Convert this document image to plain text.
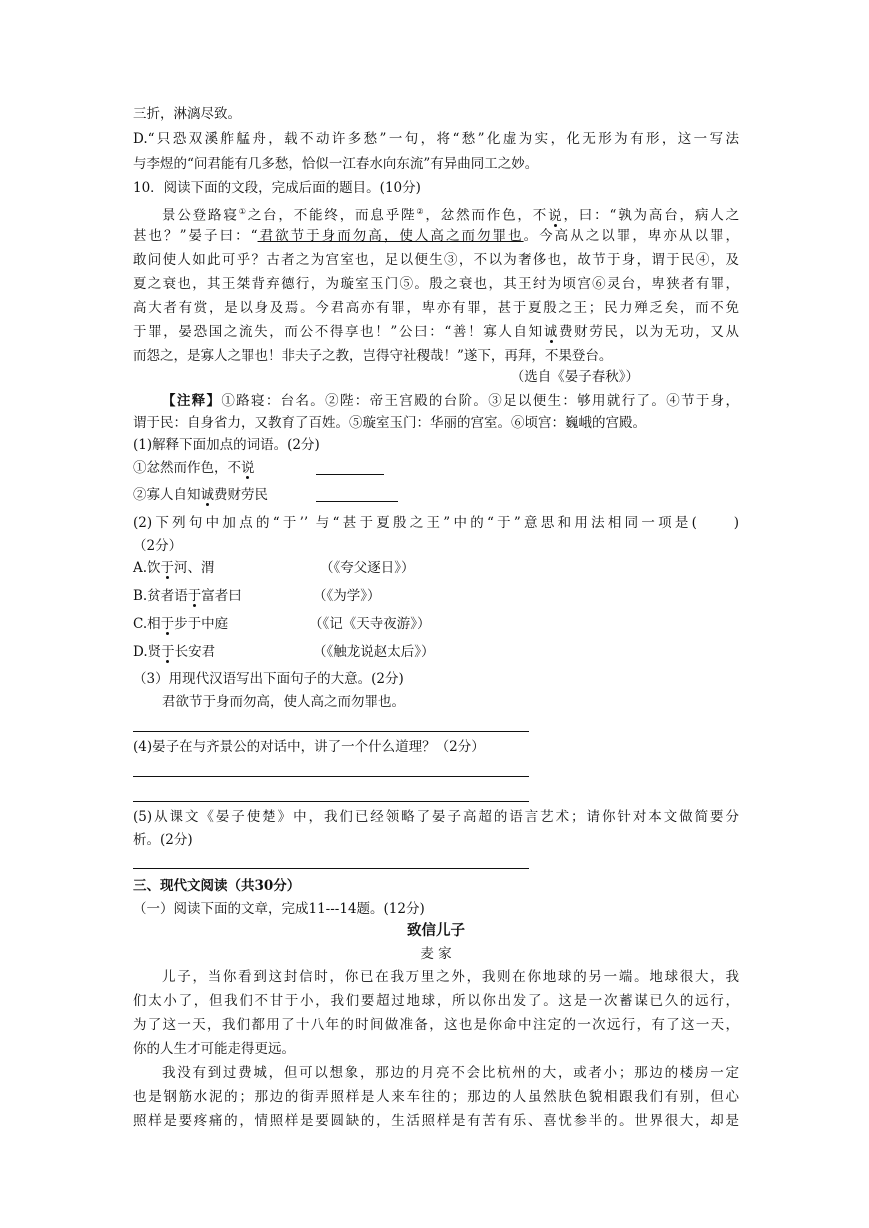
三折，淋漓尽致。
D.“只恐双溪舴艋舟，载不动许多愁”一句，将“愁”化虚为实，化无形为有形，这一写法
与李煜的“问君能有几多愁，恰似一江春水向东流”有异曲同工之妙。
10．阅读下面的文段，完成后面的题目。(10分)
景公登路寝①之台，不能终，而息乎陛②，忿然而作色，不说，曰：“孰为高台，病人之
甚也？”晏子曰：“君欲节于身而勿高，使人高之而勿罪也。今高从之以罪，卑亦从以罪，
敢问使人如此可乎？古者之为宫室也，足以便生③，不以为奢侈也，故节于身，谓于民④，及
夏之衰也，其王桀背弃德行，为璇室玉门⑤。殷之衰也，其王纣为顷宫⑥灵台，卑狭者有罪，
高大者有赏，是以身及焉。今君高亦有罪，卑亦有罪，甚于夏殷之王；民力殚乏矣，而不免
于罪，晏恐国之流失，而公不得享也！”公曰：“善！寡人自知诚费财劳民，以为无功，又从
而怨之，是寡人之罪也！非夫子之教，岂得守社稷哉！”遂下，再拜，不果登台。
（选自《晏子春秋》）
【注释】①路寝：台名。②陛：帝王宫殿的台阶。③足以便生：够用就行了。④节于身，
谓于民：自身省力，又教育了百姓。⑤璇室玉门：华丽的宫室。⑥顷宫：巍峨的宫殿。
(1)解释下面加点的词语。(2分)
①忿然而作色，不说
②寡人自知诚费财劳民
(2)下列句中加点的“于’’ 与“甚于夏殷之王”中的“于”意思和用法相同一项是(　　)
（2分）
A.饮于河、渭	（《夸父逐日》）
B.贫者语于富者曰	（《为学》）
C.相于步于中庭	（《记《天寺夜游》）
D.贤于长安君	（《触龙说赵太后》）
（3）用现代汉语写出下面句子的大意。(2分)
君欲节于身而勿高，使人高之而勿罪也。
(4)晏子在与齐景公的对话中，讲了一个什么道理？（2分）
(5)从课文《晏子使楚》中，我们已经领略了晏子高超的语言艺术；请你针对本文做简要分
析。(2分)
三、现代文阅读（共30分）
（一）阅读下面的文章，完成11---14题。(12分)
致信儿子
麦 家
儿子，当你看到这封信时，你已在我万里之外，我则在你地球的另一端。地球很大，我
们太小了，但我们不甘于小，我们要超过地球，所以你出发了。这是一次蓄谋已久的远行，
为了这一天，我们都用了十八年的时间做准备，这也是你命中注定的一次远行，有了这一天，
你的人生才可能走得更远。
我没有到过费城，但可以想象，那边的月亮不会比杭州的大，或者小；那边的楼房一定
也是钢筋水泥的；那边的街弄照样是人来车往的；那边的人虽然肤色貌相跟我们有别，但心
照样是要疼痛的，情照样是要圆缺的，生活照样是有苦有乐、喜忧参半的。世界很大，却是
